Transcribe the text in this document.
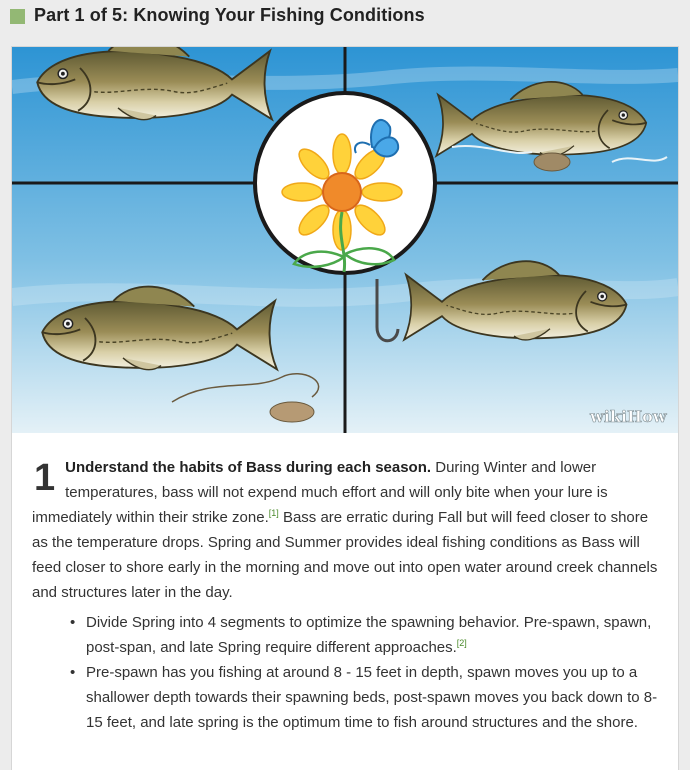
Part 1 of 5: Knowing Your Fishing Conditions
wikiHow
1 Understand the habits of Bass during each season. During Winter and lower temperatures, bass will not expend much effort and will only bite when your lure is immediately within their strike zone.[1] Bass are erratic during Fall but will feed closer to shore as the temperature drops. Spring and Summer provides ideal fishing conditions as Bass will feed closer to shore early in the morning and move out into open water around creek channels and structures later in the day.
• Divide Spring into 4 segments to optimize the spawning behavior. Pre-spawn, spawn, post-span, and late Spring require different approaches.[2]
• Pre-spawn has you fishing at around 8 - 15 feet in depth, spawn moves you up to a shallower depth towards their spawning beds, post-spawn moves you back down to 8-15 feet, and late spring is the optimum time to fish around structures and the shore.
